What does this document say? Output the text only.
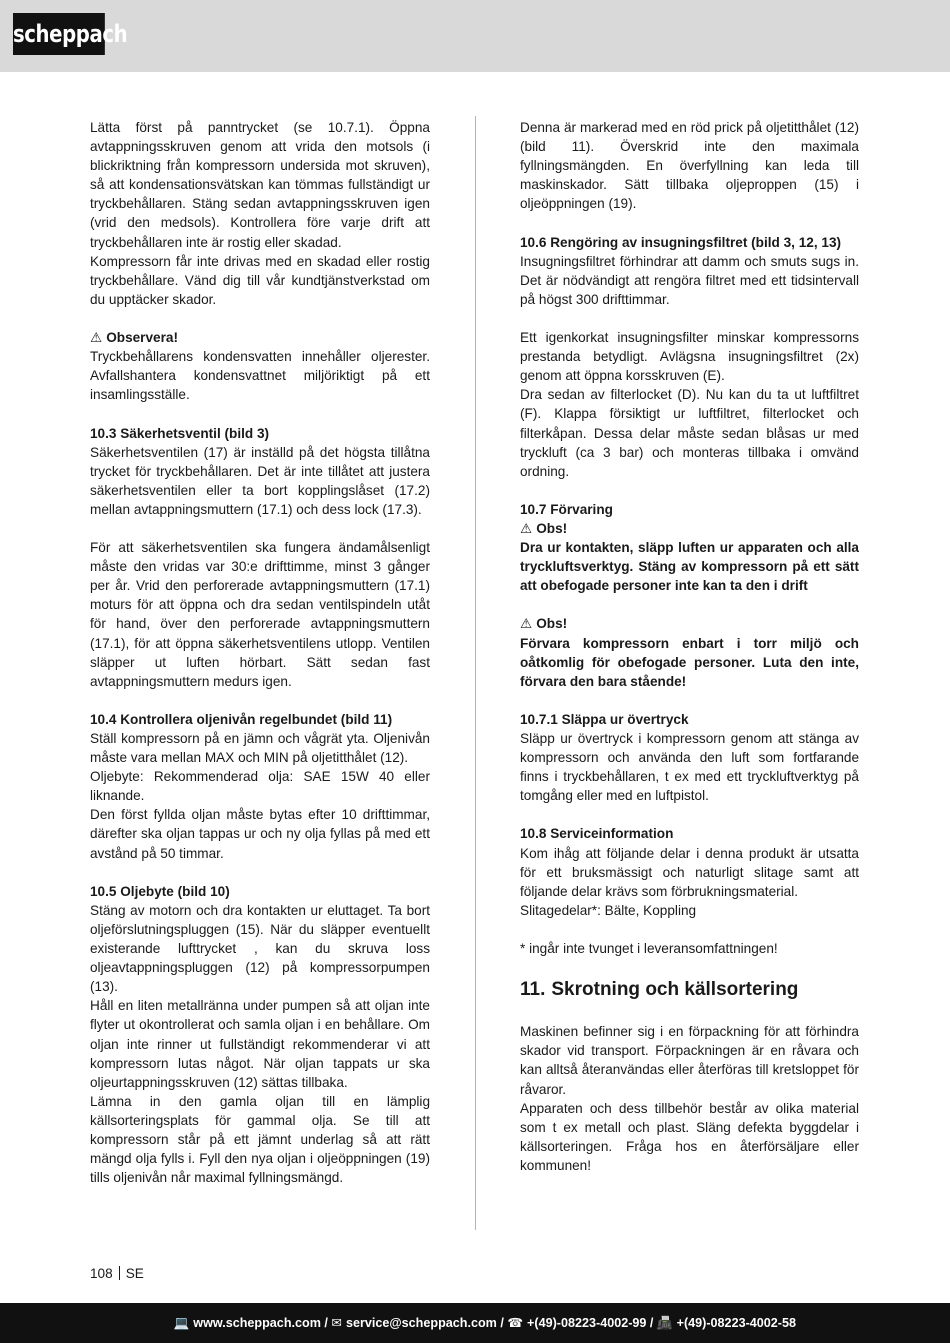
scheppach

Lätta först på panntrycket (se 10.7.1). Öppna avtappningsskruven genom att vrida den motsols (i blickriktning från kompressorn undersida mot skruven), så att kondensationsvätskan kan tömmas fullständigt ur tryckbehållaren. Stäng sedan avtappningsskruven igen (vrid den medsols). Kontrollera före varje drift att tryckbehållaren inte är rostig eller skadad.

Kompressorn får inte drivas med en skadad eller rostig tryckbehållare. Vänd dig till vår kundtjänstverkstad om du upptäcker skador.

⚠ Observera!

Tryckbehållarens kondensvatten innehåller oljerester. Avfallshantera kondensvattnet miljöriktigt på ett insamlingsställe.

10.3 Säkerhetsventil (bild 3)

Säkerhetsventilen (17) är inställd på det högsta tillåtna trycket för tryckbehållaren. Det är inte tillåtet att justera säkerhetsventilen eller ta bort kopplingslåset (17.2) mellan avtappningsmuttern (17.1) och dess lock (17.3).

För att säkerhetsventilen ska fungera ändamålsenligt måste den vridas var 30:e drifttimme, minst 3 gånger per år. Vrid den perforerade avtappningsmuttern (17.1) moturs för att öppna och dra sedan ventilspindeln utåt för hand, över den perforerade avtappningsmuttern (17.1), för att öppna säkerhetsventilens utlopp. Ventilen släpper ut luften hörbart. Sätt sedan fast avtappningsmuttern medurs igen.

10.4 Kontrollera oljenivån regelbundet (bild 11)

Ställ kompressorn på en jämn och vågrät yta. Oljenivån måste vara mellan MAX och MIN på oljetitthålet (12).

Oljebyte: Rekommenderad olja: SAE 15W 40 eller liknande.

Den först fyllda oljan måste bytas efter 10 drifttimmar, därefter ska oljan tappas ur och ny olja fyllas på med ett avstånd på 50 timmar.

10.5 Oljebyte (bild 10)

Stäng av motorn och dra kontakten ur eluttaget. Ta bort oljeförslutningspluggen (15). När du släpper eventuellt existerande lufttrycket , kan du skruva loss oljeavtappningspluggen (12) på kompressorpumpen (13).

Håll en liten metallränna under pumpen så att oljan inte flyter ut okontrollerat och samla oljan i en behållare. Om oljan inte rinner ut fullständigt rekommenderar vi att kompressorn lutas något. När oljan tappats ur ska oljeurtappningsskruven (12) sättas tillbaka.

Lämna in den gamla oljan till en lämplig källsorteringsplats för gammal olja. Se till att kompressorn står på ett jämnt underlag så att rätt mängd olja fylls i. Fyll den nya oljan i oljeöppningen (19) tills oljenivån når maximal fyllningsmängd.

Denna är markerad med en röd prick på oljetitthålet (12) (bild 11). Överskrid inte den maximala fyllningsmängden. En överfyllning kan leda till maskinskador. Sätt tillbaka oljeproppen (15) i oljeöppningen (19).

10.6 Rengöring av insugningsfiltret (bild 3, 12, 13)

Insugningsfiltret förhindrar att damm och smuts sugs in. Det är nödvändigt att rengöra filtret med ett tidsintervall på högst 300 drifttimmar.

Ett igenkorkat insugningsfilter minskar kompressorns prestanda betydligt. Avlägsna insugningsfiltret (2x) genom att öppna korsskruven (E).

Dra sedan av filterlocket (D). Nu kan du ta ut luftfiltret (F). Klappa försiktigt ur luftfiltret, filterlocket och filterkåpan. Dessa delar måste sedan blåsas ur med tryckluft (ca 3 bar) och monteras tillbaka i omvänd ordning.

10.7 Förvaring
⚠ Obs!

Dra ur kontakten, släpp luften ur apparaten och alla tryckluftsverktyg. Stäng av kompressorn på ett sätt att obefogade personer inte kan ta den i drift

⚠ Obs!

Förvara kompressorn enbart i torr miljö och oåtkomlig för obefogade personer. Luta den inte, förvara den bara stående!

10.7.1 Släppa ur övertryck

Släpp ur övertryck i kompressorn genom att stänga av kompressorn och använda den luft som fortfarande finns i tryckbehållaren, t ex med ett tryckluftverktyg på tomgång eller med en luftpistol.

10.8 Serviceinformation

Kom ihåg att följande delar i denna produkt är utsatta för ett bruksmässigt och naturligt slitage samt att följande delar krävs som förbrukningsmaterial.

Slitagedelar*: Bälte, Koppling

* ingår inte tvunget i leveransomfattningen!

11. Skrotning och källsortering

Maskinen befinner sig i en förpackning för att förhindra skador vid transport. Förpackningen är en råvara och kan alltså återanvändas eller återföras till kretsloppet för råvaror.

Apparaten och dess tillbehör består av olika material som t ex metall och plast. Släng defekta byggdelar i källsorteringen. Fråga hos en återförsäljare eller kommunen!

108 SE
💻 www.scheppach.com / ✉ service@scheppach.com / ☎ +(49)-08223-4002-99 / 📠 +(49)-08223-4002-58
